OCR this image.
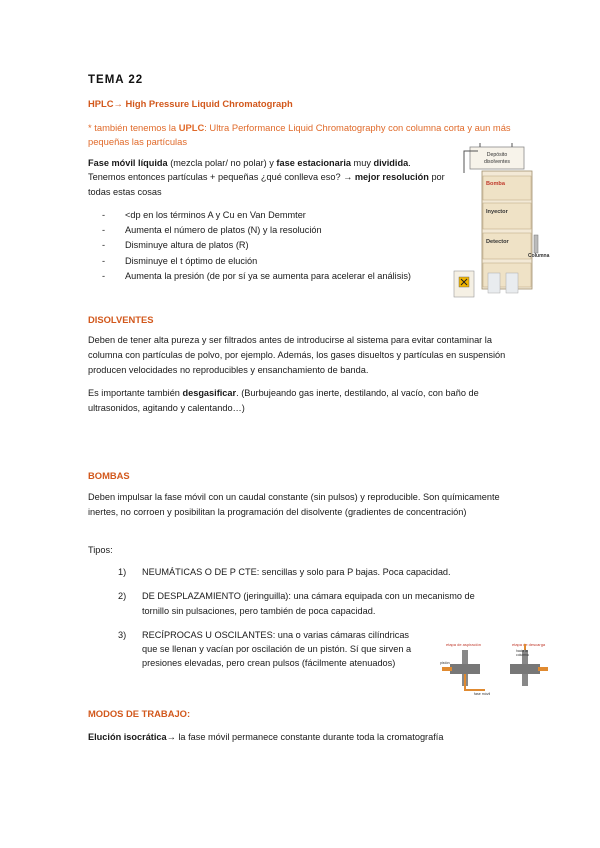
TEMA 22
HPLC→ High Pressure Liquid Chromatograph
* también tenemos la UPLC: Ultra Performance Liquid Chromatography con columna corta y aun más pequeñas las partículas
Fase móvil líquida (mezcla polar/ no polar) y fase estacionaria muy dividida. Tenemos entonces partículas + pequeñas ¿qué conlleva eso? → mejor resolución por todas estas cosas
- <dp en los términos A y Cu en Van Demmter
- Aumenta el número de platos (N) y la resolución
- Disminuye altura de platos (R)
- Disminuye el t óptimo de elución
- Aumenta la presión (de por sí ya se aumenta para acelerar el análisis)
Depósito
disolventes
Bomba
Inyector
Detector
Columna
DISOLVENTES
Deben de tener alta pureza y ser filtrados antes de introducirse al sistema para evitar contaminar la columna con partículas de polvo, por ejemplo. Además, los gases disueltos y partículas en suspensión producen velocidades no reproducibles y ensanchamiento de banda.
Es importante también desgasificar. (Burbujeando gas inerte, destilando, al vacío, con baño de ultrasonidos, agitando y calentando…)
BOMBAS
Deben impulsar la fase móvil con un caudal constante (sin pulsos) y reproducible. Son químicamente inertes, no corroen y posibilitan la programación del disolvente (gradientes de concentración)
Tipos:
1) NEUMÁTICAS O DE P CTE: sencillas y solo para P bajas. Poca capacidad.
2) DE DESPLAZAMIENTO (jeringuilla): una cámara equipada con un mecanismo de tornillo sin pulsaciones, pero también de poca capacidad.
3) RECÍPROCAS U OSCILANTES: una o varias cámaras cilíndricas que se llenan y vacían por oscilación de un pistón. Sí que sirven a presiones elevadas, pero crean pulsos (fácilmente atenuados)
etapa de aspiración	etapa de descarga
pistón
fase móvil
hacia la
columna
MODOS DE TRABAJO:
Elución isocrática→ la fase móvil permanece constante durante toda la cromatografía
